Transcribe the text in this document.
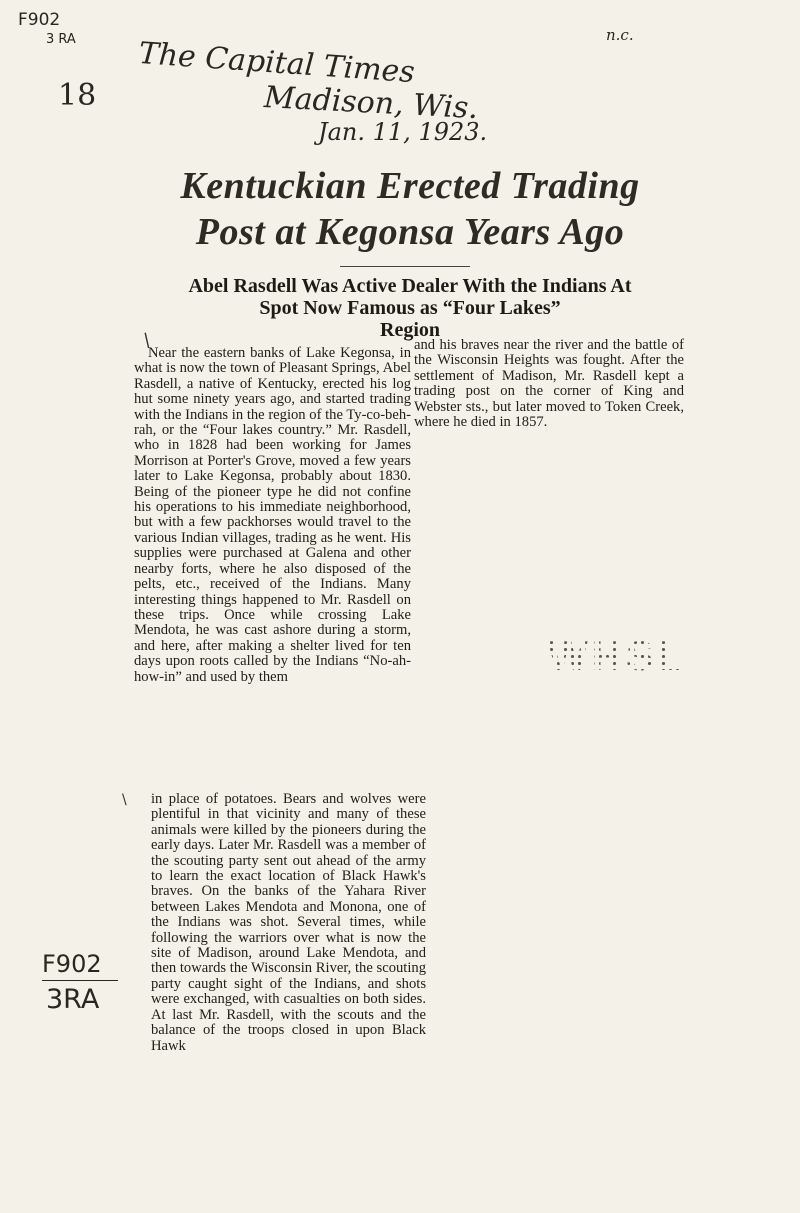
F902
3 RA
18
n.c.
The Capital Times
Madison, Wis.
Jan. 11, 1923.
Kentuckian Erected Trading
Post at Kegonsa Years Ago
Abel Rasdell Was Active Dealer With the Indians At
Spot Now Famous as “Four Lakes”
Region

Near the eastern banks of Lake Kegonsa, in what is now the town of Pleasant Springs, Abel Rasdell, a native of Kentucky, erected his log hut some ninety years ago, and started trading with the Indians in the region of the Ty-co-beh-rah, or the “Four lakes country.” Mr. Rasdell, who in 1828 had been working for James Morrison at Porter's Grove, moved a few years later to Lake Kegonsa, probably about 1830. Being of the pioneer type he did not confine his operations to his immediate neighborhood, but with a few packhorses would travel to the various Indian villages, trading as he went. His supplies were purchased at Galena and other nearby forts, where he also disposed of the pelts, etc., received of the Indians. Many interesting things happened to Mr. Rasdell on these trips. Once while crossing Lake Mendota, he was cast ashore during a storm, and here, after making a shelter lived for ten days upon roots called by the Indians “No-ah-how-in” and used by them

in place of potatoes. Bears and wolves were plentiful in that vicinity and many of these animals were killed by the pioneers during the early days. Later Mr. Rasdell was a member of the scouting party sent out ahead of the army to learn the exact location of Black Hawk's braves. On the banks of the Yahara River between Lakes Mendota and Monona, one of the Indians was shot. Several times, while following the warriors over what is now the site of Madison, around Lake Mendota, and then towards the Wisconsin River, the scouting party caught sight of the Indians, and shots were exchanged, with casualties on both sides. At last Mr. Rasdell, with the scouts and the balance of the troops closed in upon Black Hawk

and his braves near the river and the battle of the Wisconsin Heights was fought. After the settlement of Madison, Mr. Rasdell kept a trading post on the corner of King and Webster sts., but later moved to Token Creek, where he died in 1857.

WHSL
F902
3RA
/
\
